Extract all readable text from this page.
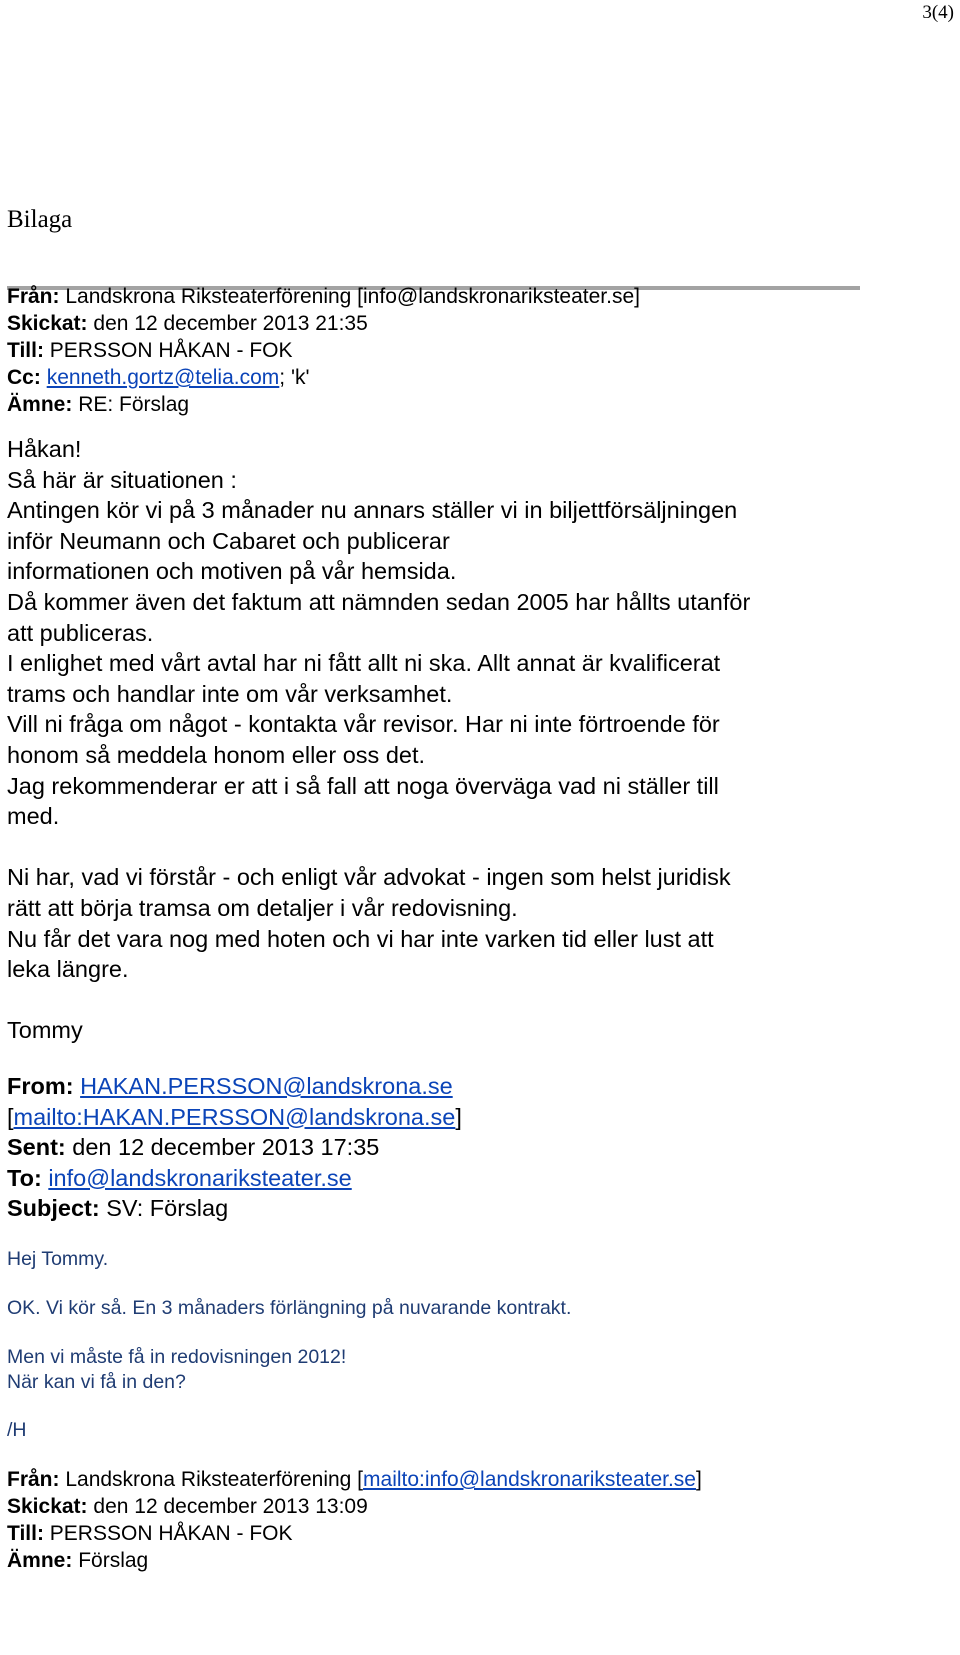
3(4)
Bilaga
Från: Landskrona Riksteaterförening [info@landskronariksteater.se]
Skickat: den 12 december 2013 21:35
Till: PERSSON HÅKAN - FOK
Cc: kenneth.gortz@telia.com; 'k'
Ämne: RE: Förslag

Håkan!

Så här är situationen :

Antingen kör vi på 3 månader nu annars ställer vi in biljettförsäljningen

inför Neumann och Cabaret och publicerar

informationen och motiven på vår hemsida.

Då kommer även det faktum att nämnden sedan 2005 har hållts utanför

att publiceras.

I enlighet med vårt avtal har ni fått allt ni ska. Allt annat är kvalificerat

trams och handlar inte om vår verksamhet.

Vill ni fråga om något - kontakta vår revisor. Har ni inte förtroende för

honom så meddela honom eller oss det.

Jag rekommenderar er att i så fall att noga överväga vad ni ställer till

med.

Ni har, vad vi förstår - och enligt vår advokat - ingen som helst juridisk

rätt att börja tramsa om detaljer i vår redovisning.

Nu får det vara nog med hoten och vi har inte varken tid eller lust att

leka längre.

Tommy

From: HAKAN.PERSSON@landskrona.se
[mailto:HAKAN.PERSSON@landskrona.se]
Sent: den 12 december 2013 17:35
To: info@landskronariksteater.se
Subject: SV: Förslag

Hej Tommy.

OK. Vi kör så. En 3 månaders förlängning på nuvarande kontrakt.

Men vi måste få in redovisningen 2012!

När kan vi få in den?

/H

Från: Landskrona Riksteaterförening [mailto:info@landskronariksteater.se]
Skickat: den 12 december 2013 13:09
Till: PERSSON HÅKAN - FOK
Ämne: Förslag
